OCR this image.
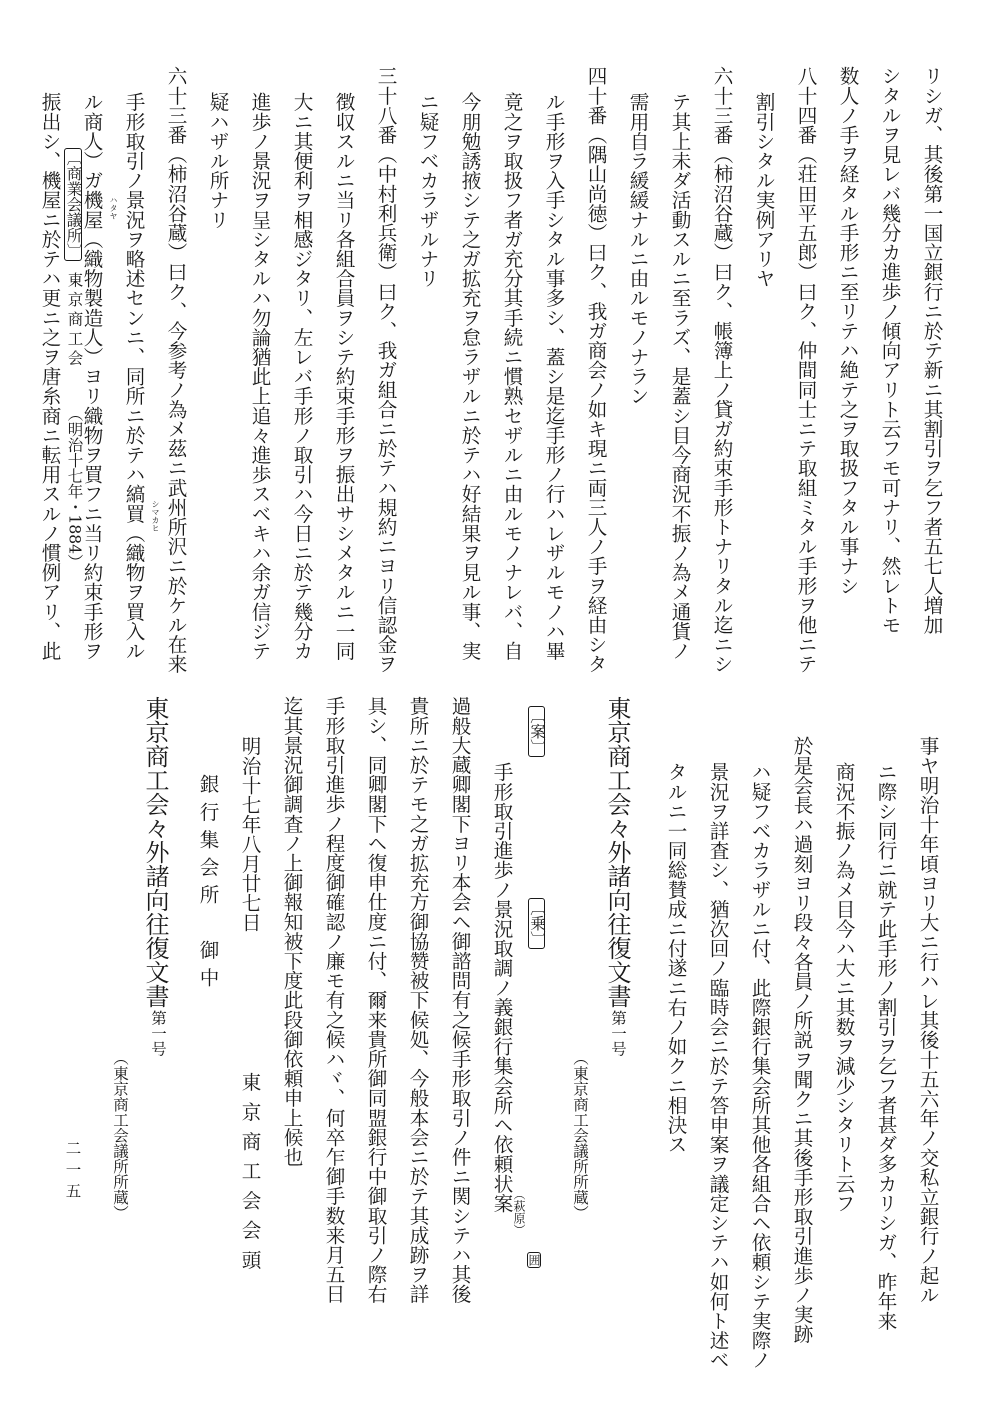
リシガ、其後第一国立銀行ニ於テ新ニ其割引ヲ乞フ者五七人増加
シタルヲ見レバ幾分カ進歩ノ傾向アリト云フモ可ナリ、然レトモ
数人ノ手ヲ経タル手形ニ至リテハ絶テ之ヲ取扱フタル事ナシ
八十四番（荘田平五郎）曰ク、仲間同士ニテ取組ミタル手形ヲ他ニテ
割引シタル実例アリヤ
六十三番（柿沼谷蔵）曰ク、帳簿上ノ貸ガ約束手形トナリタル迄ニシ
テ其上未ダ活動スルニ至ラズ、是蓋シ目今商況不振ノ為メ通貨ノ
需用自ラ緩緩ナルニ由ルモノナラン
四十番（隅山尚徳）曰ク、我ガ商会ノ如キ現ニ両三人ノ手ヲ経由シタ
ル手形ヲ入手シタル事多シ、蓋シ是迄手形ノ行ハレザルモノハ畢
竟之ヲ取扱フ者ガ充分其手続ニ慣熟セザルニ由ルモノナレバ、自
今朋勉誘掖シテ之ガ拡充ヲ怠ラザルニ於テハ好結果ヲ見ル事、実
ニ疑フベカラザルナリ
三十八番（中村利兵衛）曰ク、我ガ組合ニ於テハ規約ニヨリ信認金ヲ
徴収スルニ当リ各組合員ヲシテ約束手形ヲ振出サシメタルニ一同
大ニ其便利ヲ相感ジタリ、左レバ手形ノ取引ハ今日ニ於テ幾分カ
進歩ノ景況ヲ呈シタルハ勿論猶此上追々進歩スベキハ余ガ信ジテ
疑ハザル所ナリ
六十三番（柿沼谷蔵）曰ク、今参考ノ為メ茲ニ武州所沢ニ於ケル在来
手形取引ノ景況ヲ略述センニ、同所ニ於テハ縞買（織物ヲ買入ル
ル商人）ガ機屋（織物製造人）ヨリ織物ヲ買フニ当リ約束手形ヲ
振出シ、機屋ニ於テハ更ニ之ヲ唐糸商ニ転用スルノ慣例アリ、此	シマカヒ
ハタヤ
〔商業会議所〕
東京商工会
（明治十七年・1884）
事ヤ明治十年頃ヨリ大ニ行ハレ其後十五六年ノ交私立銀行ノ起ル
ニ際シ同行ニ就テ此手形ノ割引ヲ乞フ者甚ダ多カリシガ、昨年来
商況不振ノ為メ目今ハ大ニ其数ヲ減少シタリト云フ
於是会長ハ過刻ヨリ段々各員ノ所説ヲ聞クニ其後手形取引進歩ノ実跡
ハ疑フベカラザルニ付、此際銀行集会所其他各組合ヘ依頼シテ実際ノ
景況ヲ詳査シ、猶次回ノ臨時会ニ於テ答申案ヲ議定シテハ如何ト述ベ
タルニ一同総賛成ニ付遂ニ右ノ如クニ相決ス
東京商工会々外諸向往復文書
第一号
（東京商工会議所所蔵）
〔案〕
〔乗〕
手形取引進歩ノ景況取調ノ義銀行集会所ヘ依頼状案 （萩原）
囲
過般大蔵卿閣下ヨリ本会ヘ御諮問有之候手形取引ノ件ニ関シテハ其後
貴所ニ於テモ之ガ拡充方御協赞被下候処、今般本会ニ於テ其成跡ヲ詳
具シ、同卿閣下ヘ復申仕度ニ付、爾来貴所御同盟銀行中御取引ノ際右
手形取引進歩ノ程度御確認ノ廉モ有之候ハヾ、何卒乍御手数来月五日
迄其景況御調査ノ上御報知被下度此段御依頼申上候也
明治十七年八月廿七日
東京商工会会頭
銀行集会所　御中
東京商工会々外諸向往復文書
第一号
（東京商工会議所所蔵）
二一五
